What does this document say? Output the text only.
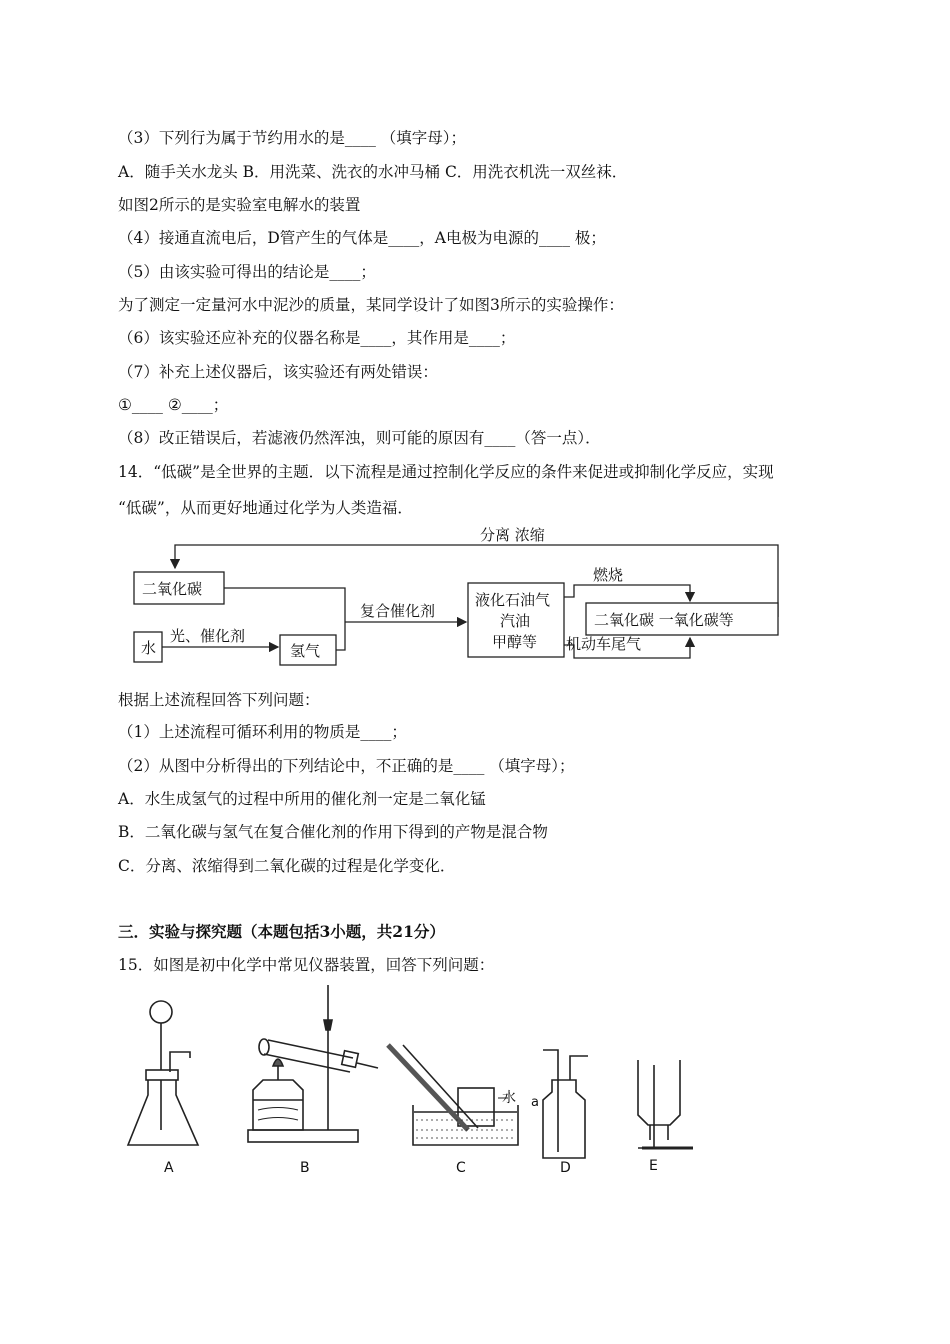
（3）下列行为属于节约用水的是____ （填字母）；
A．随手关水龙头 B．用洗菜、洗衣的水冲马桶 C．用洗衣机洗一双丝袜．
如图2所示的是实验室电解水的装置
（4）接通直流电后，D管产生的气体是____，A电极为电源的____ 极；
（5）由该实验可得出的结论是____；
为了测定一定量河水中泥沙的质量，某同学设计了如图3所示的实验操作：
（6）该实验还应补充的仪器名称是____，其作用是____；
（7）补充上述仪器后，该实验还有两处错误：
①____ ②____；
（8）改正错误后，若滤液仍然浑浊，则可能的原因有____（答一点）．
14．“低碳”是全世界的主题．以下流程是通过控制化学反应的条件来促进或抑制化学反应，实现
“低碳”，从而更好地通过化学为人类造福．
分离 浓缩
二氧化碳
水
光、催化剂
氢气
复合催化剂
液化石油气
汽油
甲醇等
燃烧
机动车尾气
二氧化碳 一氧化碳等
根据上述流程回答下列问题：
（1）上述流程可循环利用的物质是____；
（2）从图中分析得出的下列结论中，不正确的是____ （填字母）；
A．水生成氢气的过程中所用的催化剂一定是二氧化锰
B．二氧化碳与氢气在复合催化剂的作用下得到的产物是混合物
C．分离、浓缩得到二氧化碳的过程是化学变化．
三．实验与探究题（本题包括3小题，共21分）
15．如图是初中化学中常见仪器装置，回答下列问题：
水 a
A	B	C	D	E
